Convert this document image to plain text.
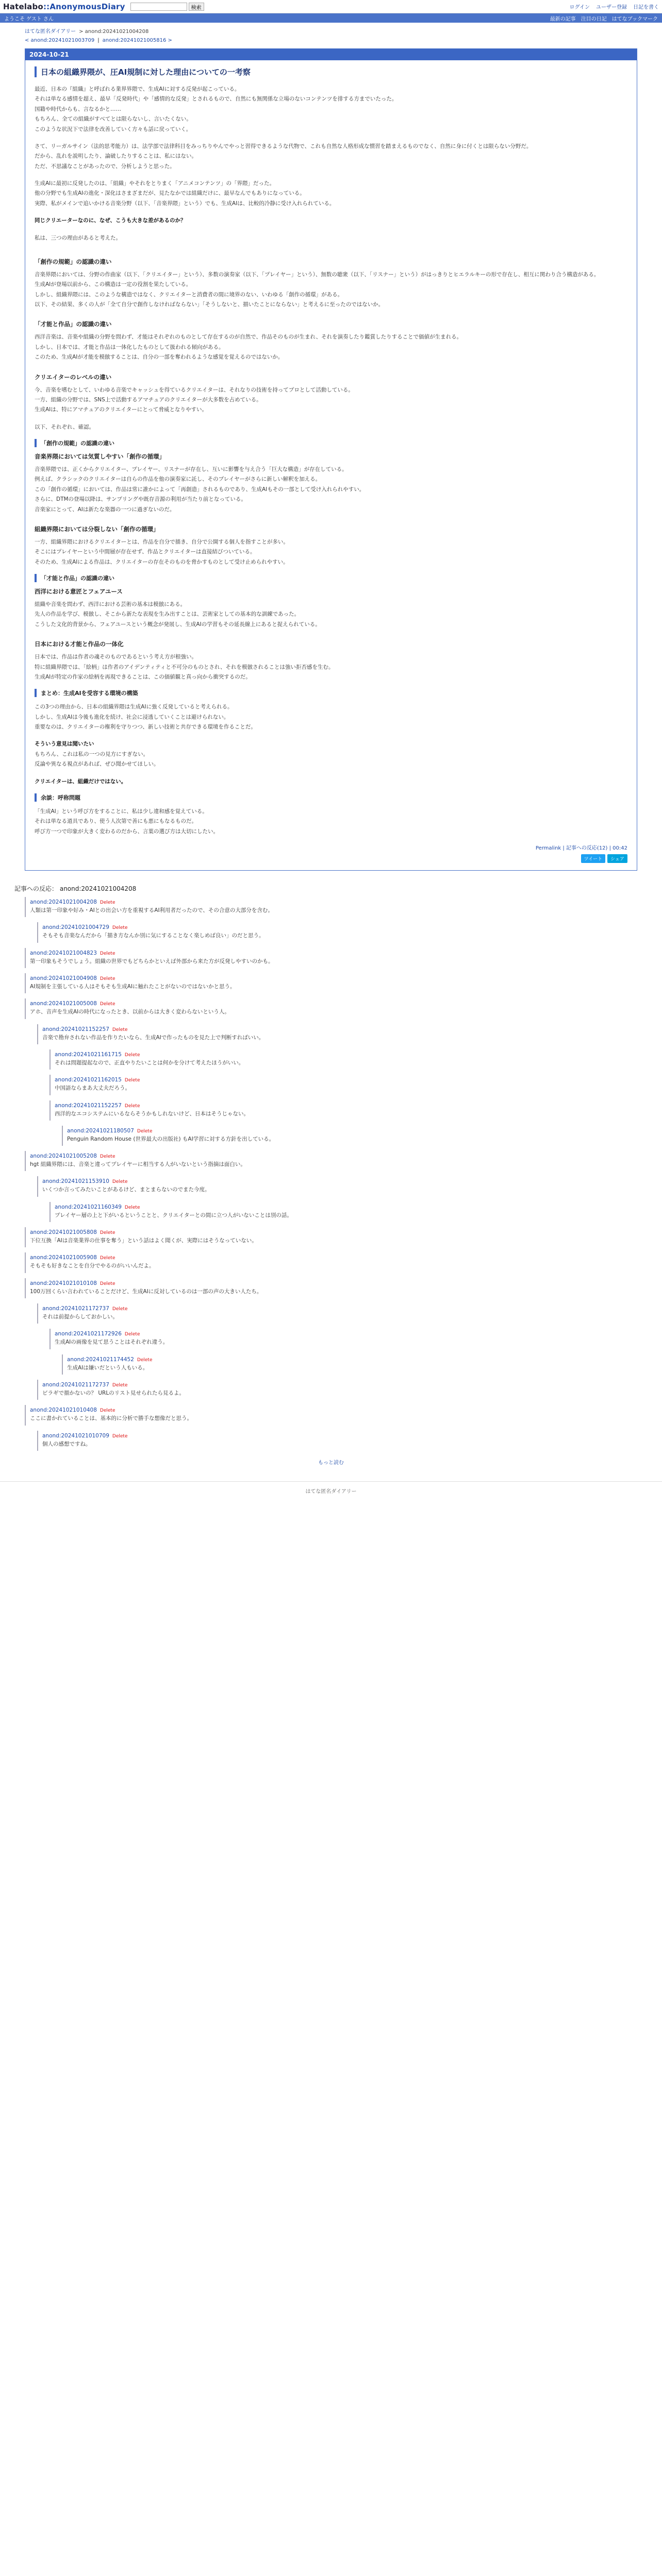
Hatelabo::AnonymousDiary	検索	ログイン ユーザー登録 日記を書く
ようこそ ゲスト さん	最新の記事 注目の日記 はてなブックマーク
はてな匿名ダイアリー > anond:20241021004208
< anond:20241021003709 | anond:20241021005816 >
2024-10-21
日本の組織界隈が、圧AI規制に対した理由についての一考察

最近、日本の『組織』と呼ばれる業界界隈で、生成AIに対する反発が起こっている。

それは単なる感情を超え、最早「反発時代」や「感情的な反発」とされるもので、自然にも無関係な立場のないコンテンツを排する方までいたった。

国籍や時代からも、言なるかと……

もちろん、全ての組織がすべてとは限らないし、言いたくない。

このような状況下で法律を改善していく方々も話に戻っていく。

さて、リーガルサイン（法的思考能力）は、法学部で法律科目をみっちりやんでやっと習得できるような代物で、これも自然な人格形成な慣習を踏まえるものでなく、自然に身に付くとは限らない分野だ。

だから、乱れを説明したり、論破したりすることは、私にはない。

ただ、不思議なことがあったので、分析しようと思った。

生成AIに最初に反発したのは、「組織」やそれをとりまく「アニメコンテンツ」の「界隈」だった。

他の分野でも生成AIの進化・深化はさまざまだが、見たなかでは組織だけに、最早なんでもありになっている。

実際、私がメインで追いかける音楽分野（以下、「音楽界隈」という）でも、生成AIは、比較的冷静に受け入れられている。

同じクリエーターなのに、なぜ、こうも大きな差があるのか？

私は、三つの理由があると考えた。

「創作の規範」の認識の違い

音楽界隈においては、分野の作曲家（以下、「クリエイター」という）、多数の演奏家（以下、「プレイヤー」という）、無数の聴衆（以下、「リスナー」という）がはっきりとヒエラルキーの形で存在し、相互に関わり合う構造がある。

生成AIが登場以前から、この構造は一定の役割を果たしている。

しかし、組織界隈には、このような構造ではなく、クリエイターと消費者の間に境界のない、いわゆる「創作の循環」がある。

以下、その結果、多くの人が「全て自分で創作しなければならない」「そうしないと、描いたことにならない」と考えるに至ったのではないか。

「才能と作品」の認識の違い

西洋音楽は、音楽や組織の分野を問わず、才能はそれぞれのものとして存在するのが自然で、作品そのものが生まれ、それを演奏したり鑑賞したりすることで価値が生まれる。

しかし、日本では、才能と作品は一体化したものとして扱われる傾向がある。

このため、生成AIが才能を模倣することは、自分の一部を奪われるような感覚を覚えるのではないか。

クリエイターのレベルの違い

今、音楽を嗜むとして、いわゆる音楽でキャッシュを得ているクリエイターは、それなりの技術を持ってプロとして活動している。

一方、組織の分野では、SNS上で活動するアマチュアのクリエイターが大多数を占めている。

生成AIは、特にアマチュアのクリエイターにとって脅威となりやすい。

以下、それぞれ、確認。

「創作の規範」の認識の違い
音楽界隈においては気質しやすい「創作の循環」

音楽界隈では、正くからクリエイター、プレイヤー、リスナーが存在し、互いに影響を与え合う「巨大な構造」が存在している。

例えば、クラシックのクリエイターは自らの作品を他の演奏家に託し、そのプレイヤーがさらに新しい解釈を加える。

この「創作の循環」においては、作品は常に誰かによって「再創造」されるものであり、生成AIもその一部として受け入れられやすい。

さらに、DTMの登場以降は、サンプリングや既存音源の利用が当たり前となっている。

音楽家にとって、AIは新たな楽器の一つに過ぎないのだ。

組織界隈においては分裂しない「創作の循環」

一方、組織界隈におけるクリエイターとは、作品を自分で描き、自分で公開する個人を指すことが多い。

そこにはプレイヤーという中間層が存在せず、作品とクリエイターは直接結びついている。

そのため、生成AIによる作品は、クリエイターの存在そのものを脅かすものとして受け止められやすい。

「才能と作品」の認識の違い
西洋における意匠とフェアユース

組織や音楽を問わず、西洋における芸術の基本は模倣にある。

先人の作品を学び、模倣し、そこから新たな表現を生み出すことは、芸術家としての基本的な訓練であった。

こうした文化的背景から、フェアユースという概念が発展し、生成AIの学習もその延長線上にあると捉えられている。

日本における才能と作品の一体化

日本では、作品は作者の魂そのものであるという考え方が根強い。

特に組織界隈では、「絵柄」は作者のアイデンティティと不可分のものとされ、それを模倣されることは強い拒否感を生む。

生成AIが特定の作家の絵柄を再現できることは、この価値観と真っ向から衝突するのだ。

まとめ：生成AIを受容する環境の構築

この3つの理由から、日本の組織界隈は生成AIに強く反発していると考えられる。

しかし、生成AIは今後も進化を続け、社会に浸透していくことは避けられない。

重要なのは、クリエイターの権利を守りつつ、新しい技術と共存できる環境を作ることだ。

そういう意見は聞いたい

もちろん、これは私の一つの見方にすぎない。

反論や異なる視点があれば、ぜひ聞かせてほしい。

クリエイターは、組織だけではない。

余談：呼称問題

「生成AI」という呼び方をすることに、私は少し違和感を覚えている。

それは単なる道具であり、使う人次第で善にも悪にもなるものだ。

呼び方一つで印象が大きく変わるのだから、言葉の選び方は大切にしたい。

Permalink | 記事への反応(12) | 00:42
ツイート	シェア
記事への反応： anond:20241021004208
anond:20241021004208 Delete
人類は第一印象や好み・AIとの出会い方を重視するAI利用者だったので、その合意の大部分を含む。
anond:20241021004729 Delete
そもそも音楽なんだから「描き方なんか別に気にすることなく楽しめば良い」のだと思う。
anond:20241021004823 Delete
第一印象もそうでしょう。組織の世界でもどちらかといえば外部から来た方が反発しやすいのかも。
anond:20241021004908 Delete
AI規制を主張している人はそもそも生成AIに触れたことがないのではないかと思う。
anond:20241021005008 Delete
アホ、音声を生成AIの時代になったとき、以前からは大きく変わらないという人。
anond:20241021152257 Delete
音楽で勘弁されない作品を作りたいなら、生成AIで作ったものを見た上で判断すればいい。
anond:20241021161715 Delete
それは問題提起なので、正直やりたいことは何かを分けて考えたほうがいい。
anond:20241021162015 Delete
中国語ならまあ大丈夫だろう。
anond:20241021152257 Delete
西洋的なエコシステムにいるならそうかもしれないけど、日本はそうじゃない。
anond:20241021180507 Delete
Penguin Random House (世界最大の出版社) もAI学習に対する方針を出している。
anond:20241021005208 Delete
hgt 組織界隈には、音楽と違ってプレイヤーに相当する人がいないという指摘は面白い。
anond:20241021153910 Delete
いくつか言ってみたいことがあるけど、まとまらないのでまた今度。
anond:20241021160349 Delete
プレイヤー層の上と下がいるということと、クリエイターとの間に立つ人がいないことは別の話。
anond:20241021005808 Delete
下位互換「AIは音楽業界の仕事を奪う」という話はよく聞くが、実際にはそうなっていない。
anond:20241021005908 Delete
そもそも好きなことを自分でやるのがいいんだよ。
anond:20241021010108 Delete
100万回くらい言われていることだけど、生成AIに反対しているのは一部の声の大きい人たち。
anond:20241021172737 Delete
それは前提からしておかしい。
anond:20241021172926 Delete
生成AIの画像を見て思うことはそれぞれ違う。
anond:20241021174452 Delete
生成AIは嫌いだという人もいる。
anond:20241021172737 Delete
ビラギで描かないの？ URLのリスト見せられたら見るよ。
anond:20241021010408 Delete
ここに書かれていることは、基本的に分析で勝手な想像だと思う。
anond:20241021010709 Delete
個人の感想ですね。
もっと読む
はてな匿名ダイアリー
